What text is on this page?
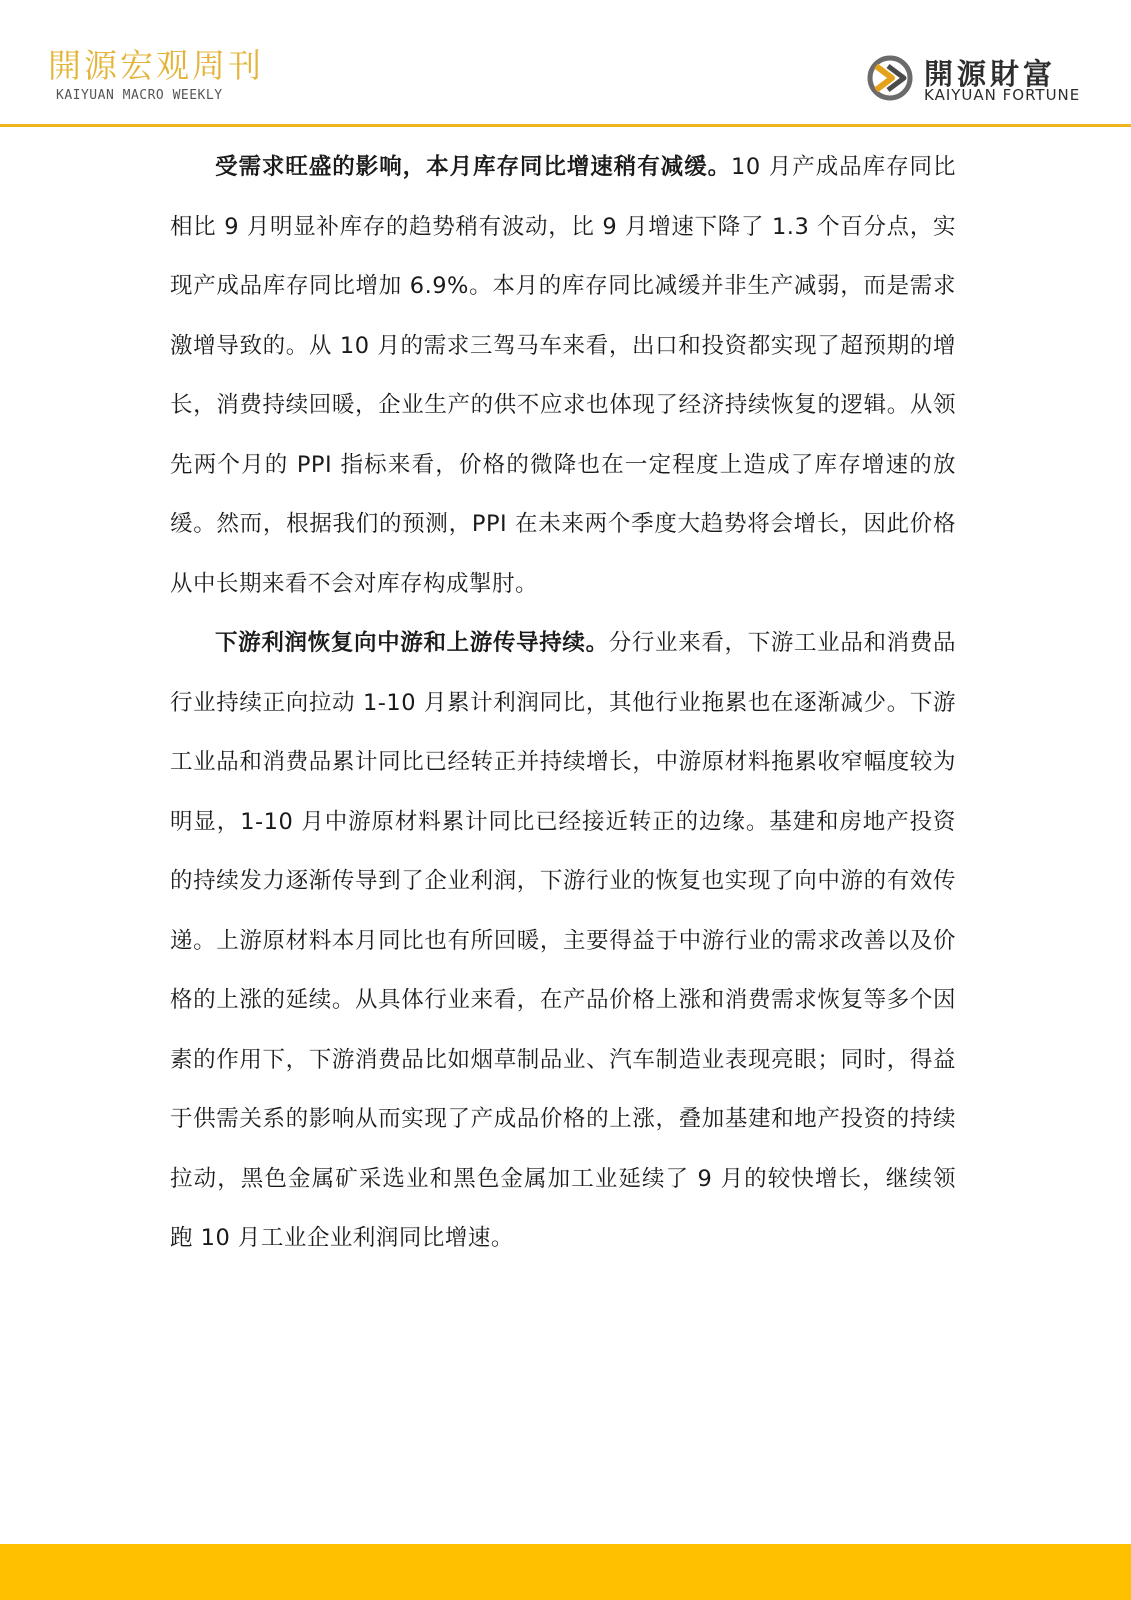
開源宏观周刊
KAIYUAN MACRO WEEKLY
開源財富
KAIYUAN FORTUNE

受需求旺盛的影响，本月库存同比增速稍有减缓。10 月产成品库存同比相比 9 月明显补库存的趋势稍有波动，比 9 月增速下降了 1.3 个百分点，实现产成品库存同比增加 6.9%。本月的库存同比减缓并非生产减弱，而是需求激增导致的。从 10 月的需求三驾马车来看，出口和投资都实现了超预期的增长，消费持续回暖，企业生产的供不应求也体现了经济持续恢复的逻辑。从领先两个月的 PPI 指标来看，价格的微降也在一定程度上造成了库存增速的放缓。然而，根据我们的预测，PPI 在未来两个季度大趋势将会增长，因此价格从中长期来看不会对库存构成掣肘。

下游利润恢复向中游和上游传导持续。分行业来看，下游工业品和消费品行业持续正向拉动 1-10 月累计利润同比，其他行业拖累也在逐渐减少。下游工业品和消费品累计同比已经转正并持续增长，中游原材料拖累收窄幅度较为明显，1-10 月中游原材料累计同比已经接近转正的边缘。基建和房地产投资的持续发力逐渐传导到了企业利润，下游行业的恢复也实现了向中游的有效传递。上游原材料本月同比也有所回暖，主要得益于中游行业的需求改善以及价格的上涨的延续。从具体行业来看，在产品价格上涨和消费需求恢复等多个因素的作用下，下游消费品比如烟草制品业、汽车制造业表现亮眼；同时，得益于供需关系的影响从而实现了产成品价格的上涨，叠加基建和地产投资的持续拉动，黑色金属矿采选业和黑色金属加工业延续了 9 月的较快增长，继续领跑 10 月工业企业利润同比增速。
